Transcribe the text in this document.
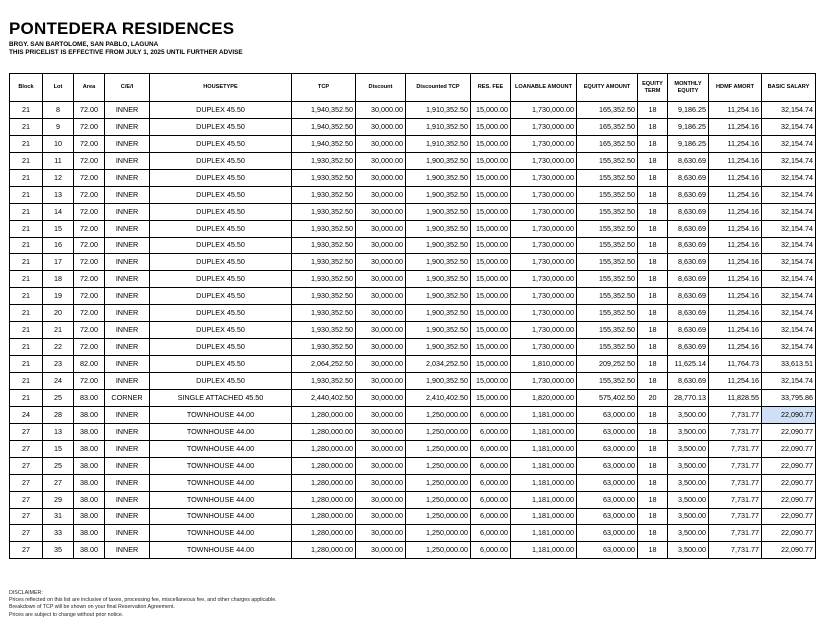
PONTEDERA RESIDENCES
BRGY. SAN BARTOLOME, SAN PABLO, LAGUNA
THIS PRICELIST IS EFFECTIVE FROM JULY 1, 2025 UNTIL FURTHER ADVISE
Block	Lot	Area	C/E/I	HOUSETYPE	TCP	Discount	Discounted TCP	RES. FEE	LOANABLE AMOUNT	EQUITY AMOUNT	EQUITY TERM	MONTHLY EQUITY	HDMF AMORT	BASIC SALARY
21	8	72.00	INNER	DUPLEX 45.50	1,940,352.50	30,000.00	1,910,352.50	15,000.00	1,730,000.00	165,352.50	18	9,186.25	11,254.16	32,154.74
21	9	72.00	INNER	DUPLEX 45.50	1,940,352.50	30,000.00	1,910,352.50	15,000.00	1,730,000.00	165,352.50	18	9,186.25	11,254.16	32,154.74
21	10	72.00	INNER	DUPLEX 45.50	1,940,352.50	30,000.00	1,910,352.50	15,000.00	1,730,000.00	165,352.50	18	9,186.25	11,254.16	32,154.74
21	11	72.00	INNER	DUPLEX 45.50	1,930,352.50	30,000.00	1,900,352.50	15,000.00	1,730,000.00	155,352.50	18	8,630.69	11,254.16	32,154.74
21	12	72.00	INNER	DUPLEX 45.50	1,930,352.50	30,000.00	1,900,352.50	15,000.00	1,730,000.00	155,352.50	18	8,630.69	11,254.16	32,154.74
21	13	72.00	INNER	DUPLEX 45.50	1,930,352.50	30,000.00	1,900,352.50	15,000.00	1,730,000.00	155,352.50	18	8,630.69	11,254.16	32,154.74
21	14	72.00	INNER	DUPLEX 45.50	1,930,352.50	30,000.00	1,900,352.50	15,000.00	1,730,000.00	155,352.50	18	8,630.69	11,254.16	32,154.74
21	15	72.00	INNER	DUPLEX 45.50	1,930,352.50	30,000.00	1,900,352.50	15,000.00	1,730,000.00	155,352.50	18	8,630.69	11,254.16	32,154.74
21	16	72.00	INNER	DUPLEX 45.50	1,930,352.50	30,000.00	1,900,352.50	15,000.00	1,730,000.00	155,352.50	18	8,630.69	11,254.16	32,154.74
21	17	72.00	INNER	DUPLEX 45.50	1,930,352.50	30,000.00	1,900,352.50	15,000.00	1,730,000.00	155,352.50	18	8,630.69	11,254.16	32,154.74
21	18	72.00	INNER	DUPLEX 45.50	1,930,352.50	30,000.00	1,900,352.50	15,000.00	1,730,000.00	155,352.50	18	8,630.69	11,254.16	32,154.74
21	19	72.00	INNER	DUPLEX 45.50	1,930,352.50	30,000.00	1,900,352.50	15,000.00	1,730,000.00	155,352.50	18	8,630.69	11,254.16	32,154.74
21	20	72.00	INNER	DUPLEX 45.50	1,930,352.50	30,000.00	1,900,352.50	15,000.00	1,730,000.00	155,352.50	18	8,630.69	11,254.16	32,154.74
21	21	72.00	INNER	DUPLEX 45.50	1,930,352.50	30,000.00	1,900,352.50	15,000.00	1,730,000.00	155,352.50	18	8,630.69	11,254.16	32,154.74
21	22	72.00	INNER	DUPLEX 45.50	1,930,352.50	30,000.00	1,900,352.50	15,000.00	1,730,000.00	155,352.50	18	8,630.69	11,254.16	32,154.74
21	23	82.00	INNER	DUPLEX 45.50	2,064,252.50	30,000.00	2,034,252.50	15,000.00	1,810,000.00	209,252.50	18	11,625.14	11,764.73	33,613.51
21	24	72.00	INNER	DUPLEX 45.50	1,930,352.50	30,000.00	1,900,352.50	15,000.00	1,730,000.00	155,352.50	18	8,630.69	11,254.16	32,154.74
21	25	83.00	CORNER	SINGLE ATTACHED 45.50	2,440,402.50	30,000.00	2,410,402.50	15,000.00	1,820,000.00	575,402.50	20	28,770.13	11,828.55	33,795.86
24	28	38.00	INNER	TOWNHOUSE 44.00	1,280,000.00	30,000.00	1,250,000.00	6,000.00	1,181,000.00	63,000.00	18	3,500.00	7,731.77	22,090.77
27	13	38.00	INNER	TOWNHOUSE 44.00	1,280,000.00	30,000.00	1,250,000.00	6,000.00	1,181,000.00	63,000.00	18	3,500.00	7,731.77	22,090.77
27	15	38.00	INNER	TOWNHOUSE 44.00	1,280,000.00	30,000.00	1,250,000.00	6,000.00	1,181,000.00	63,000.00	18	3,500.00	7,731.77	22,090.77
27	25	38.00	INNER	TOWNHOUSE 44.00	1,280,000.00	30,000.00	1,250,000.00	6,000.00	1,181,000.00	63,000.00	18	3,500.00	7,731.77	22,090.77
27	27	38.00	INNER	TOWNHOUSE 44.00	1,280,000.00	30,000.00	1,250,000.00	6,000.00	1,181,000.00	63,000.00	18	3,500.00	7,731.77	22,090.77
27	29	38.00	INNER	TOWNHOUSE 44.00	1,280,000.00	30,000.00	1,250,000.00	6,000.00	1,181,000.00	63,000.00	18	3,500.00	7,731.77	22,090.77
27	31	38.00	INNER	TOWNHOUSE 44.00	1,280,000.00	30,000.00	1,250,000.00	6,000.00	1,181,000.00	63,000.00	18	3,500.00	7,731.77	22,090.77
27	33	38.00	INNER	TOWNHOUSE 44.00	1,280,000.00	30,000.00	1,250,000.00	6,000.00	1,181,000.00	63,000.00	18	3,500.00	7,731.77	22,090.77
27	35	38.00	INNER	TOWNHOUSE 44.00	1,280,000.00	30,000.00	1,250,000.00	6,000.00	1,181,000.00	63,000.00	18	3,500.00	7,731.77	22,090.77
DISCLAIMER:
Prices reflected on this list are inclusive of taxes, processing fee, miscellaneous fee, and other charges applicable.
Breakdown of TCP will be shown on your final Reservation Agreement.
Prices are subject to change without prior notice.
